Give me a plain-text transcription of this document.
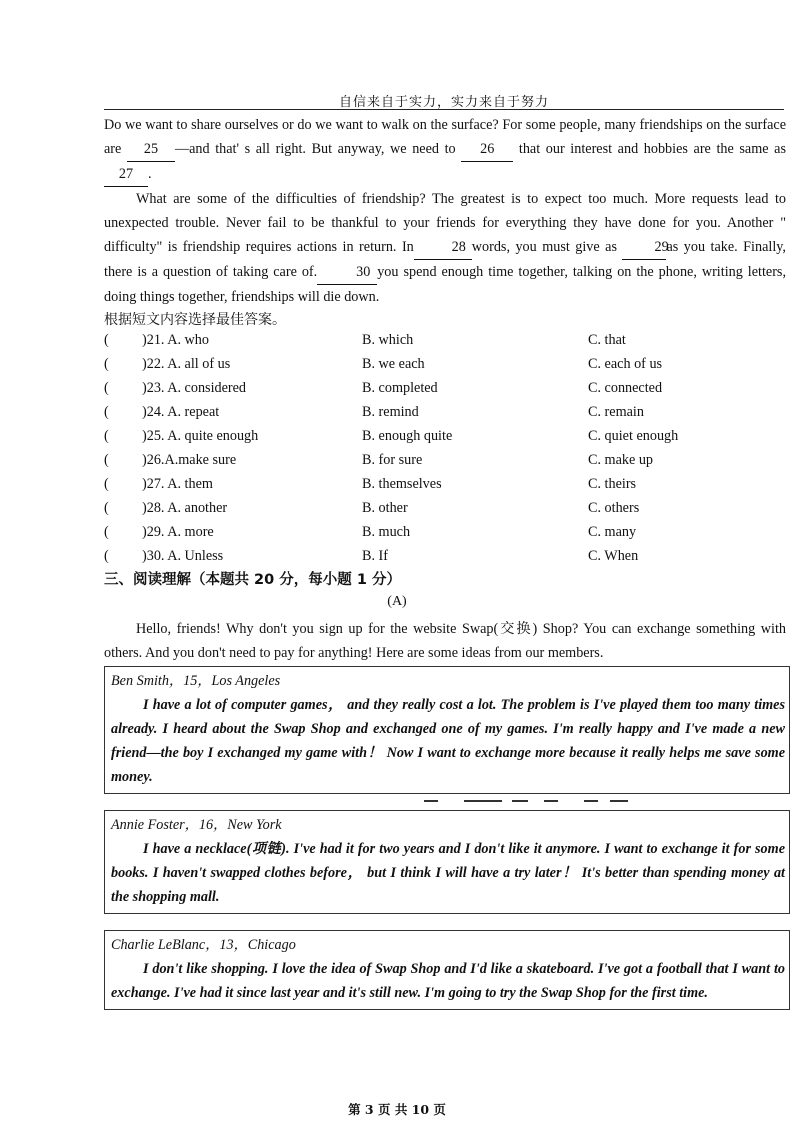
自信来自于实力，实力来自于努力

Do we want to share ourselves or do we want to walk on the surface? For some people, many friendships on the surface are 25 —and that' s all right. But anyway, we need to 26 that our interest and hobbies are the same as 27 .

What are some of the difficulties of friendship? The greatest is to expect too much. More requests lead to unexpected trouble. Never fail to be thankful to your friends for everything they have done for you. Another " difficulty" is friendship requires actions in return. In	28 words, you must give as 29as you take. Finally, there is a question of taking care of.	30 you spend enough time together, talking on the phone, writing letters, doing things together, friendships will die down.

根据短文内容选择最佳答案。

( )21. A. who	B. which	C. that
( )22. A. all of us	B. we each	C. each of us
( )23. A. considered	B. completed	C. connected
( )24. A. repeat	B. remind	C. remain
( )25. A. quite enough	B. enough quite	C. quiet enough
( )26.A.make sure	B. for sure	C. make up
( )27. A. them	B. themselves	C. theirs
( )28. A. another	B. other	C. others
( )29. A. more	B. much	C. many
( )30. A. Unless	B. If	C. When
三、阅读理解（本题共 20 分，每小题 1 分）
(A)

Hello, friends! Why don't you sign up for the website Swap(交换) Shop? You can exchange something with others. And you don't need to pay for anything! Here are some ideas from our members.

Ben Smith，15，Los Angeles

I have a lot of computer games， and they really cost a lot. The problem is I've played them too many times already. I heard about the Swap Shop and exchanged one of my games. I'm really happy and I've made a new friend—the boy I exchanged my game with！ Now I want to exchange more because it really helps me save some money.

Annie Foster，16，New York

I have a necklace(项链). I've had it for two years and I don't like it anymore. I want to exchange it for some books. I haven't swapped clothes before， but I think I will have a try later！ It's better than spending money at the shopping mall.

Charlie LeBlanc，13，Chicago

I don't like shopping. I love the idea of Swap Shop and I'd like a skateboard. I've got a football that I want to exchange. I've had it since last year and it's still new. I'm going to try the Swap Shop for the first time.

第 3 页 共 10 页
